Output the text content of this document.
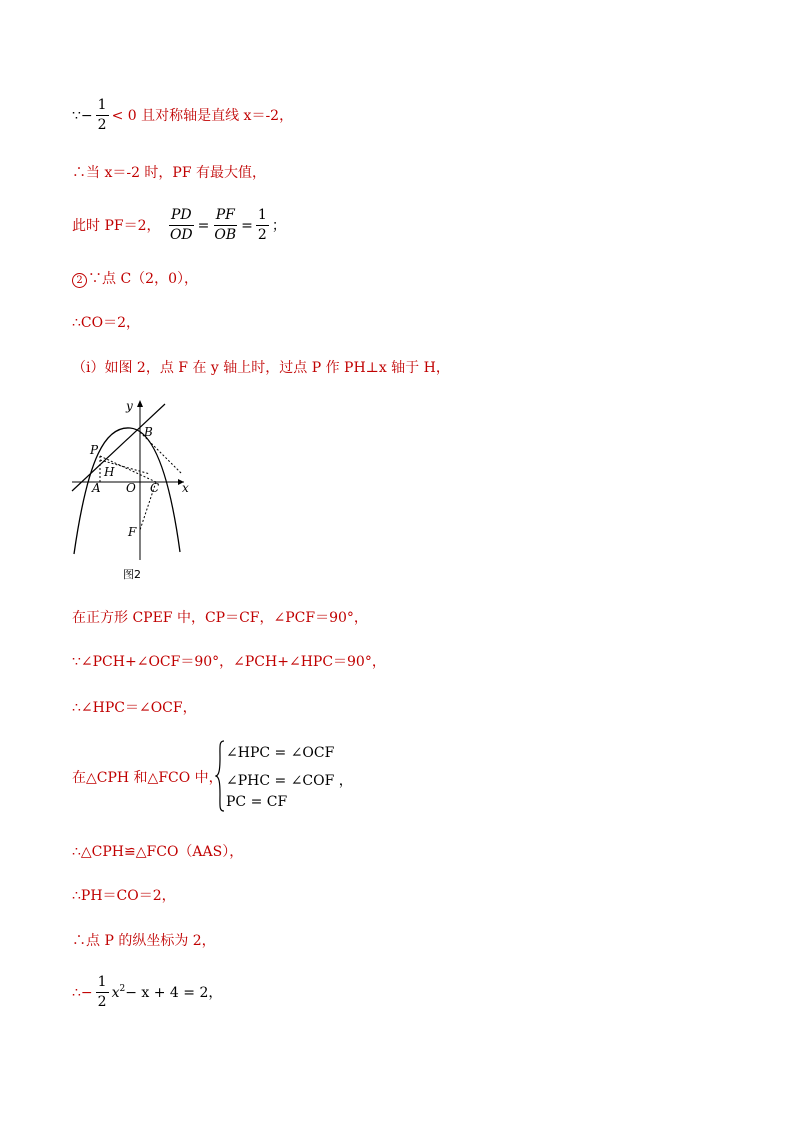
∵− $\frac{1}{2} < 0$ 且对称轴是直线 x＝-2，
∴当 x＝-2 时，PF 有最大值，
此时 PF＝2， $\frac{PD}{OD} = \frac{PF}{OB} = \frac{1}{2}$ ；
2 ∵点 C（2，0），
∴CO＝2，
（i）如图 2，点 F 在 y 轴上时，过点 P 作 PH⊥x 轴于 H，
y
x
B
P
H
A O C
F
图2
在正方形 CPEF 中，CP＝CF，∠PCF＝90°，
∵∠PCH+∠OCF＝90°，∠PCH+∠HPC＝90°，
∴∠HPC＝∠OCF，
在△CPH 和△FCO 中，
∠HPC = ∠OCF
∠PHC = ∠COF ，
PC = CF
∴△CPH≌△FCO（AAS），
∴PH＝CO＝2，
∴点 P 的纵坐标为 2，
∴− $\frac{1}{2} x^2- x + 4 = 2$，
